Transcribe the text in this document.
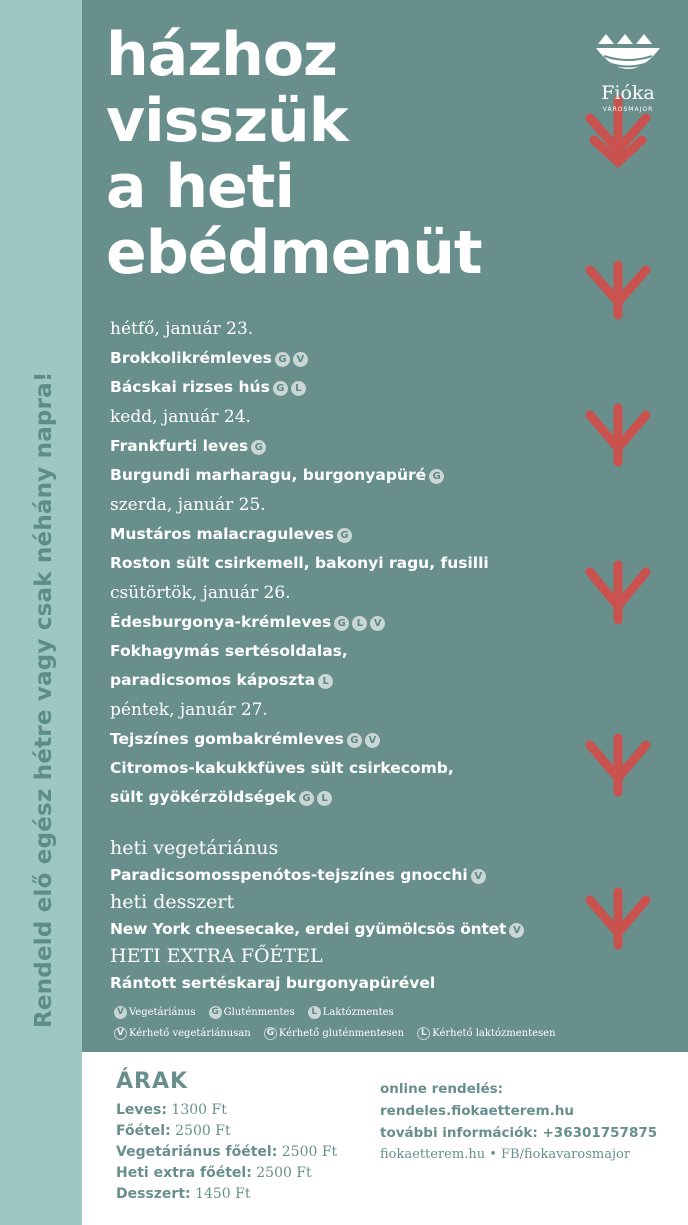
Rendeld elő egész hétre vagy csak néhány napra!
Fióka
VÁROSMAJOR
házhoz
visszük
a heti
ebédmenüt
hétfő, január 23.
Brokkolikrémleves G V
Bácskai rizses hús G L
kedd, január 24.
Frankfurti leves G
Burgundi marharagu, burgonyapüré G
szerda, január 25.
Mustáros malacraguleves G
Roston sült csirkemell, bakonyi ragu, fusilli
csütörtök, január 26.
Édesburgonya-krémleves G L V
Fokhagymás sertésoldalas,
paradicsomos káposzta L
péntek, január 27.
Tejszínes gombakrémleves G V
Citromos-kakukkfüves sült csirkecomb,
sült gyökérzöldségek G L
heti vegetáriánus
Paradicsomosspenótos-tejszínes gnocchi V
heti desszert
New York cheesecake, erdei gyümölcsös öntet V
HETI EXTRA FŐÉTEL
Rántott sertéskaraj burgonyapürével
V Vegetáriánus G Gluténmentes L Laktózmentes
V Kérhető vegetáriánusan G Kérhető gluténmentesen L Kérhető laktózmentesen
ÁRAK
Leves: 1300 Ft
Főétel: 2500 Ft
Vegetáriánus főétel: 2500 Ft
Heti extra főétel: 2500 Ft
Desszert: 1450 Ft
online rendelés:
rendeles.fiokaetterem.hu
további információk: +36301757875
fiokaetterem.hu • FB/fiokavarosmajor
